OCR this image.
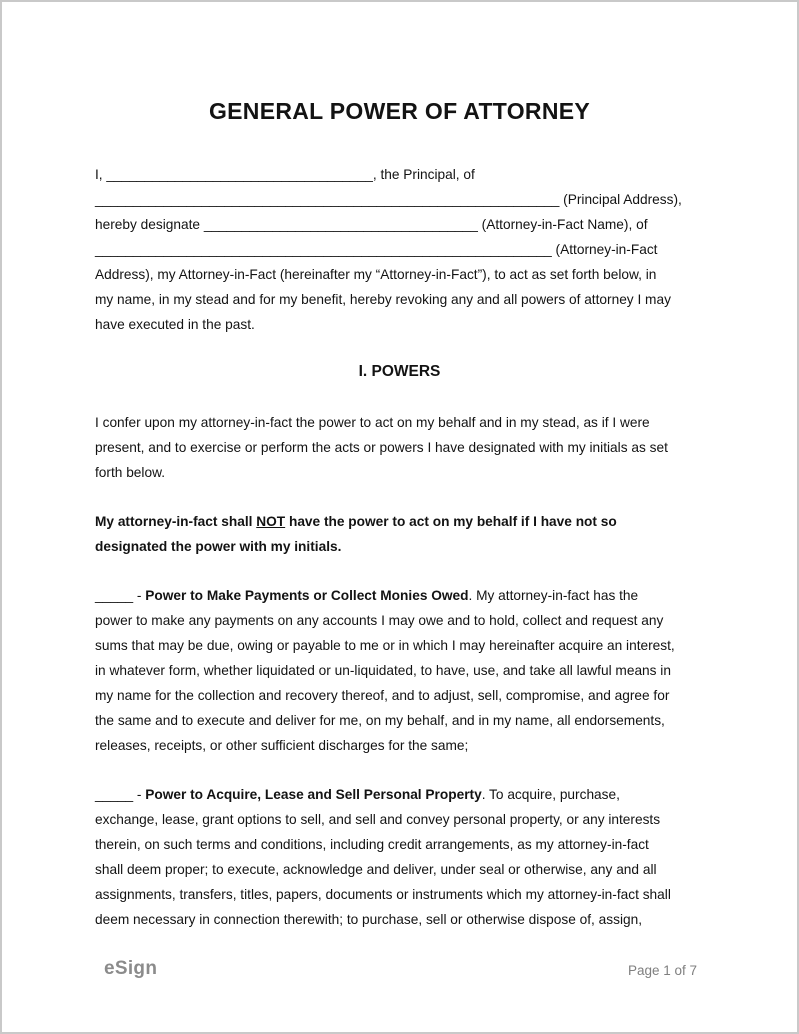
GENERAL POWER OF ATTORNEY
I, ___________________________________, the Principal, of
_____________________________________________________________ (Principal Address),
hereby designate ____________________________________ (Attorney-in-Fact Name), of
____________________________________________________________ (Attorney-in-Fact
Address), my Attorney-in-Fact (hereinafter my “Attorney-in-Fact”), to act as set forth below, in
my name, in my stead and for my benefit, hereby revoking any and all powers of attorney I may
have executed in the past.
I. POWERS
I confer upon my attorney-in-fact the power to act on my behalf and in my stead, as if I were
present, and to exercise or perform the acts or powers I have designated with my initials as set
forth below.
My attorney-in-fact shall NOT have the power to act on my behalf if I have not so
designated the power with my initials.
_____ - Power to Make Payments or Collect Monies Owed. My attorney-in-fact has the
power to make any payments on any accounts I may owe and to hold, collect and request any
sums that may be due, owing or payable to me or in which I may hereinafter acquire an interest,
in whatever form, whether liquidated or un-liquidated, to have, use, and take all lawful means in
my name for the collection and recovery thereof, and to adjust, sell, compromise, and agree for
the same and to execute and deliver for me, on my behalf, and in my name, all endorsements,
releases, receipts, or other sufficient discharges for the same;
_____ - Power to Acquire, Lease and Sell Personal Property. To acquire, purchase,
exchange, lease, grant options to sell, and sell and convey personal property, or any interests
therein, on such terms and conditions, including credit arrangements, as my attorney-in-fact
shall deem proper; to execute, acknowledge and deliver, under seal or otherwise, any and all
assignments, transfers, titles, papers, documents or instruments which my attorney-in-fact shall
deem necessary in connection therewith; to purchase, sell or otherwise dispose of, assign,
eSign	Page 1 of 7
